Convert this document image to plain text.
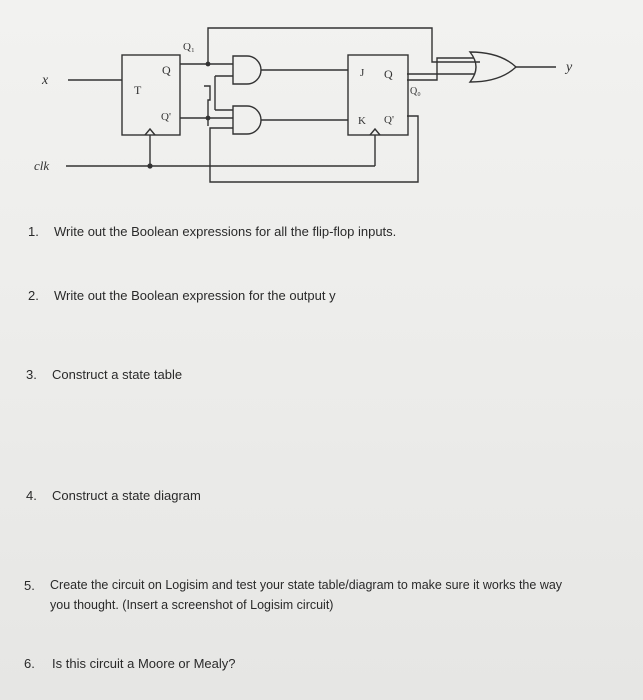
x
clk
y
T
Q
Q'
Q₁
J Q
K Q'
Q₀
1. Write out the Boolean expressions for all the flip-flop inputs.
2. Write out the Boolean expression for the output y
3. Construct a state table
4. Construct a state diagram
5. Create the circuit on Logisim and test your state table/diagram to make sure it works the way
you thought. (Insert a screenshot of Logisim circuit)
6. Is this circuit a Moore or Mealy?
